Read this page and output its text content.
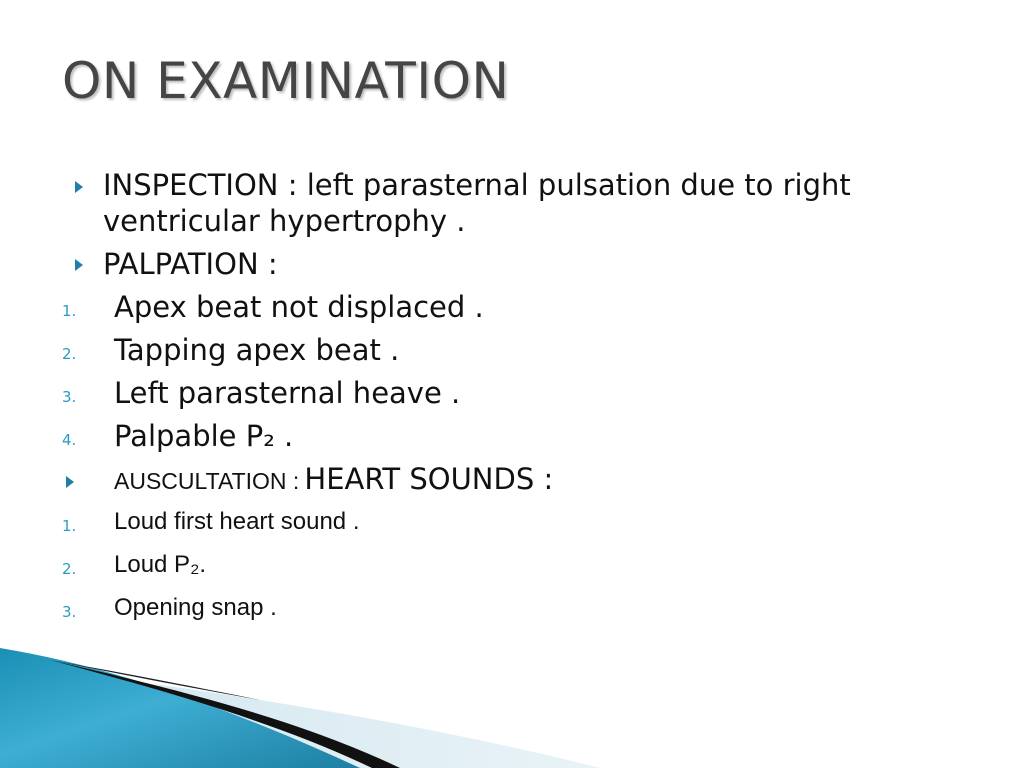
ON EXAMINATION
INSPECTION : left parasternal pulsation due to right ventricular hypertrophy .
PALPATION :
1. Apex beat not displaced .
2. Tapping apex beat .
3. Left parasternal heave .
4. Palpable P₂ .
AUSCULTATION : HEART SOUNDS :
1. Loud first heart sound .
2. Loud P₂.
3. Opening snap .
